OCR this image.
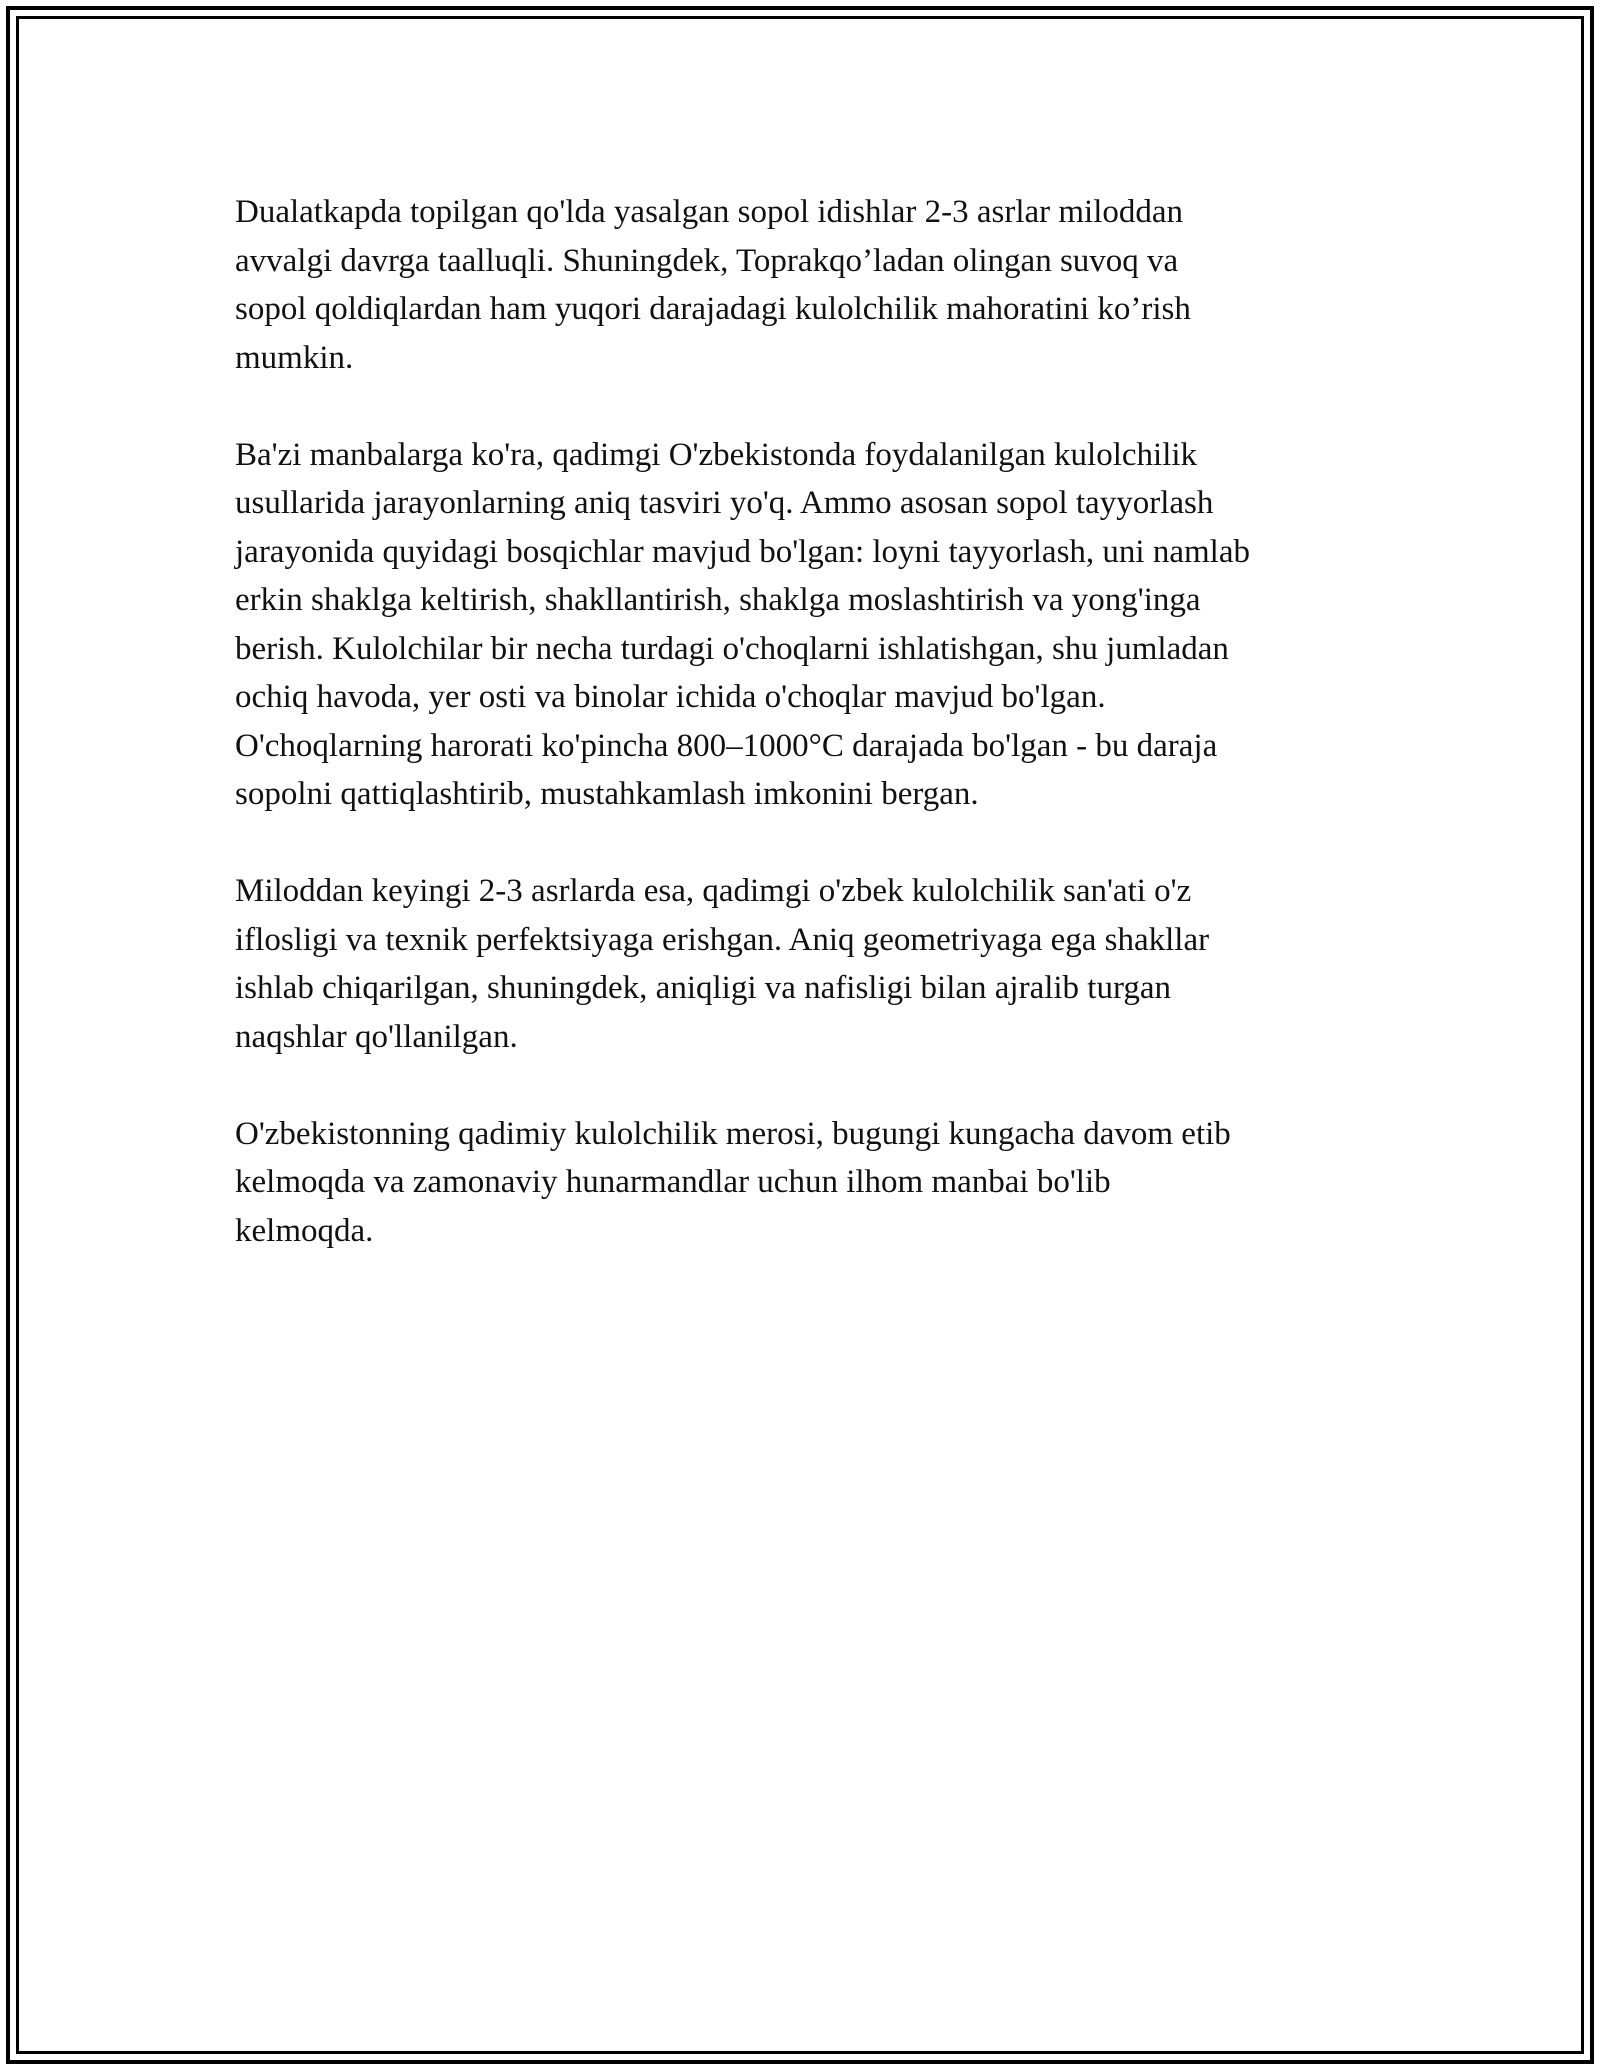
Dualatkapda topilgan qo'lda yasalgan sopol idishlar 2-3 asrlar miloddan
avvalgi davrga taalluqli. Shuningdek, Toprakqo’ladan olingan suvoq va
sopol qoldiqlardan ham yuqori darajadagi kulolchilik mahoratini ko’rish
mumkin.

Ba'zi manbalarga ko'ra, qadimgi O'zbekistonda foydalanilgan kulolchilik
usullarida jarayonlarning aniq tasviri yo'q. Ammo asosan sopol tayyorlash
jarayonida quyidagi bosqichlar mavjud bo'lgan: loyni tayyorlash, uni namlab
erkin shaklga keltirish, shakllantirish, shaklga moslashtirish va yong'inga
berish. Kulolchilar bir necha turdagi o'choqlarni ishlatishgan, shu jumladan
ochiq havoda, yer osti va binolar ichida o'choqlar mavjud bo'lgan.
O'choqlarning harorati ko'pincha 800–1000°C darajada bo'lgan - bu daraja
sopolni qattiqlashtirib, mustahkamlash imkonini bergan.

Miloddan keyingi 2-3 asrlarda esa, qadimgi o'zbek kulolchilik san'ati o'z
iflosligi va texnik perfektsiyaga erishgan. Aniq geometriyaga ega shakllar
ishlab chiqarilgan, shuningdek, aniqligi va nafisligi bilan ajralib turgan
naqshlar qo'llanilgan.

O'zbekistonning qadimiy kulolchilik merosi, bugungi kungacha davom etib
kelmoqda va zamonaviy hunarmandlar uchun ilhom manbai bo'lib
kelmoqda.
